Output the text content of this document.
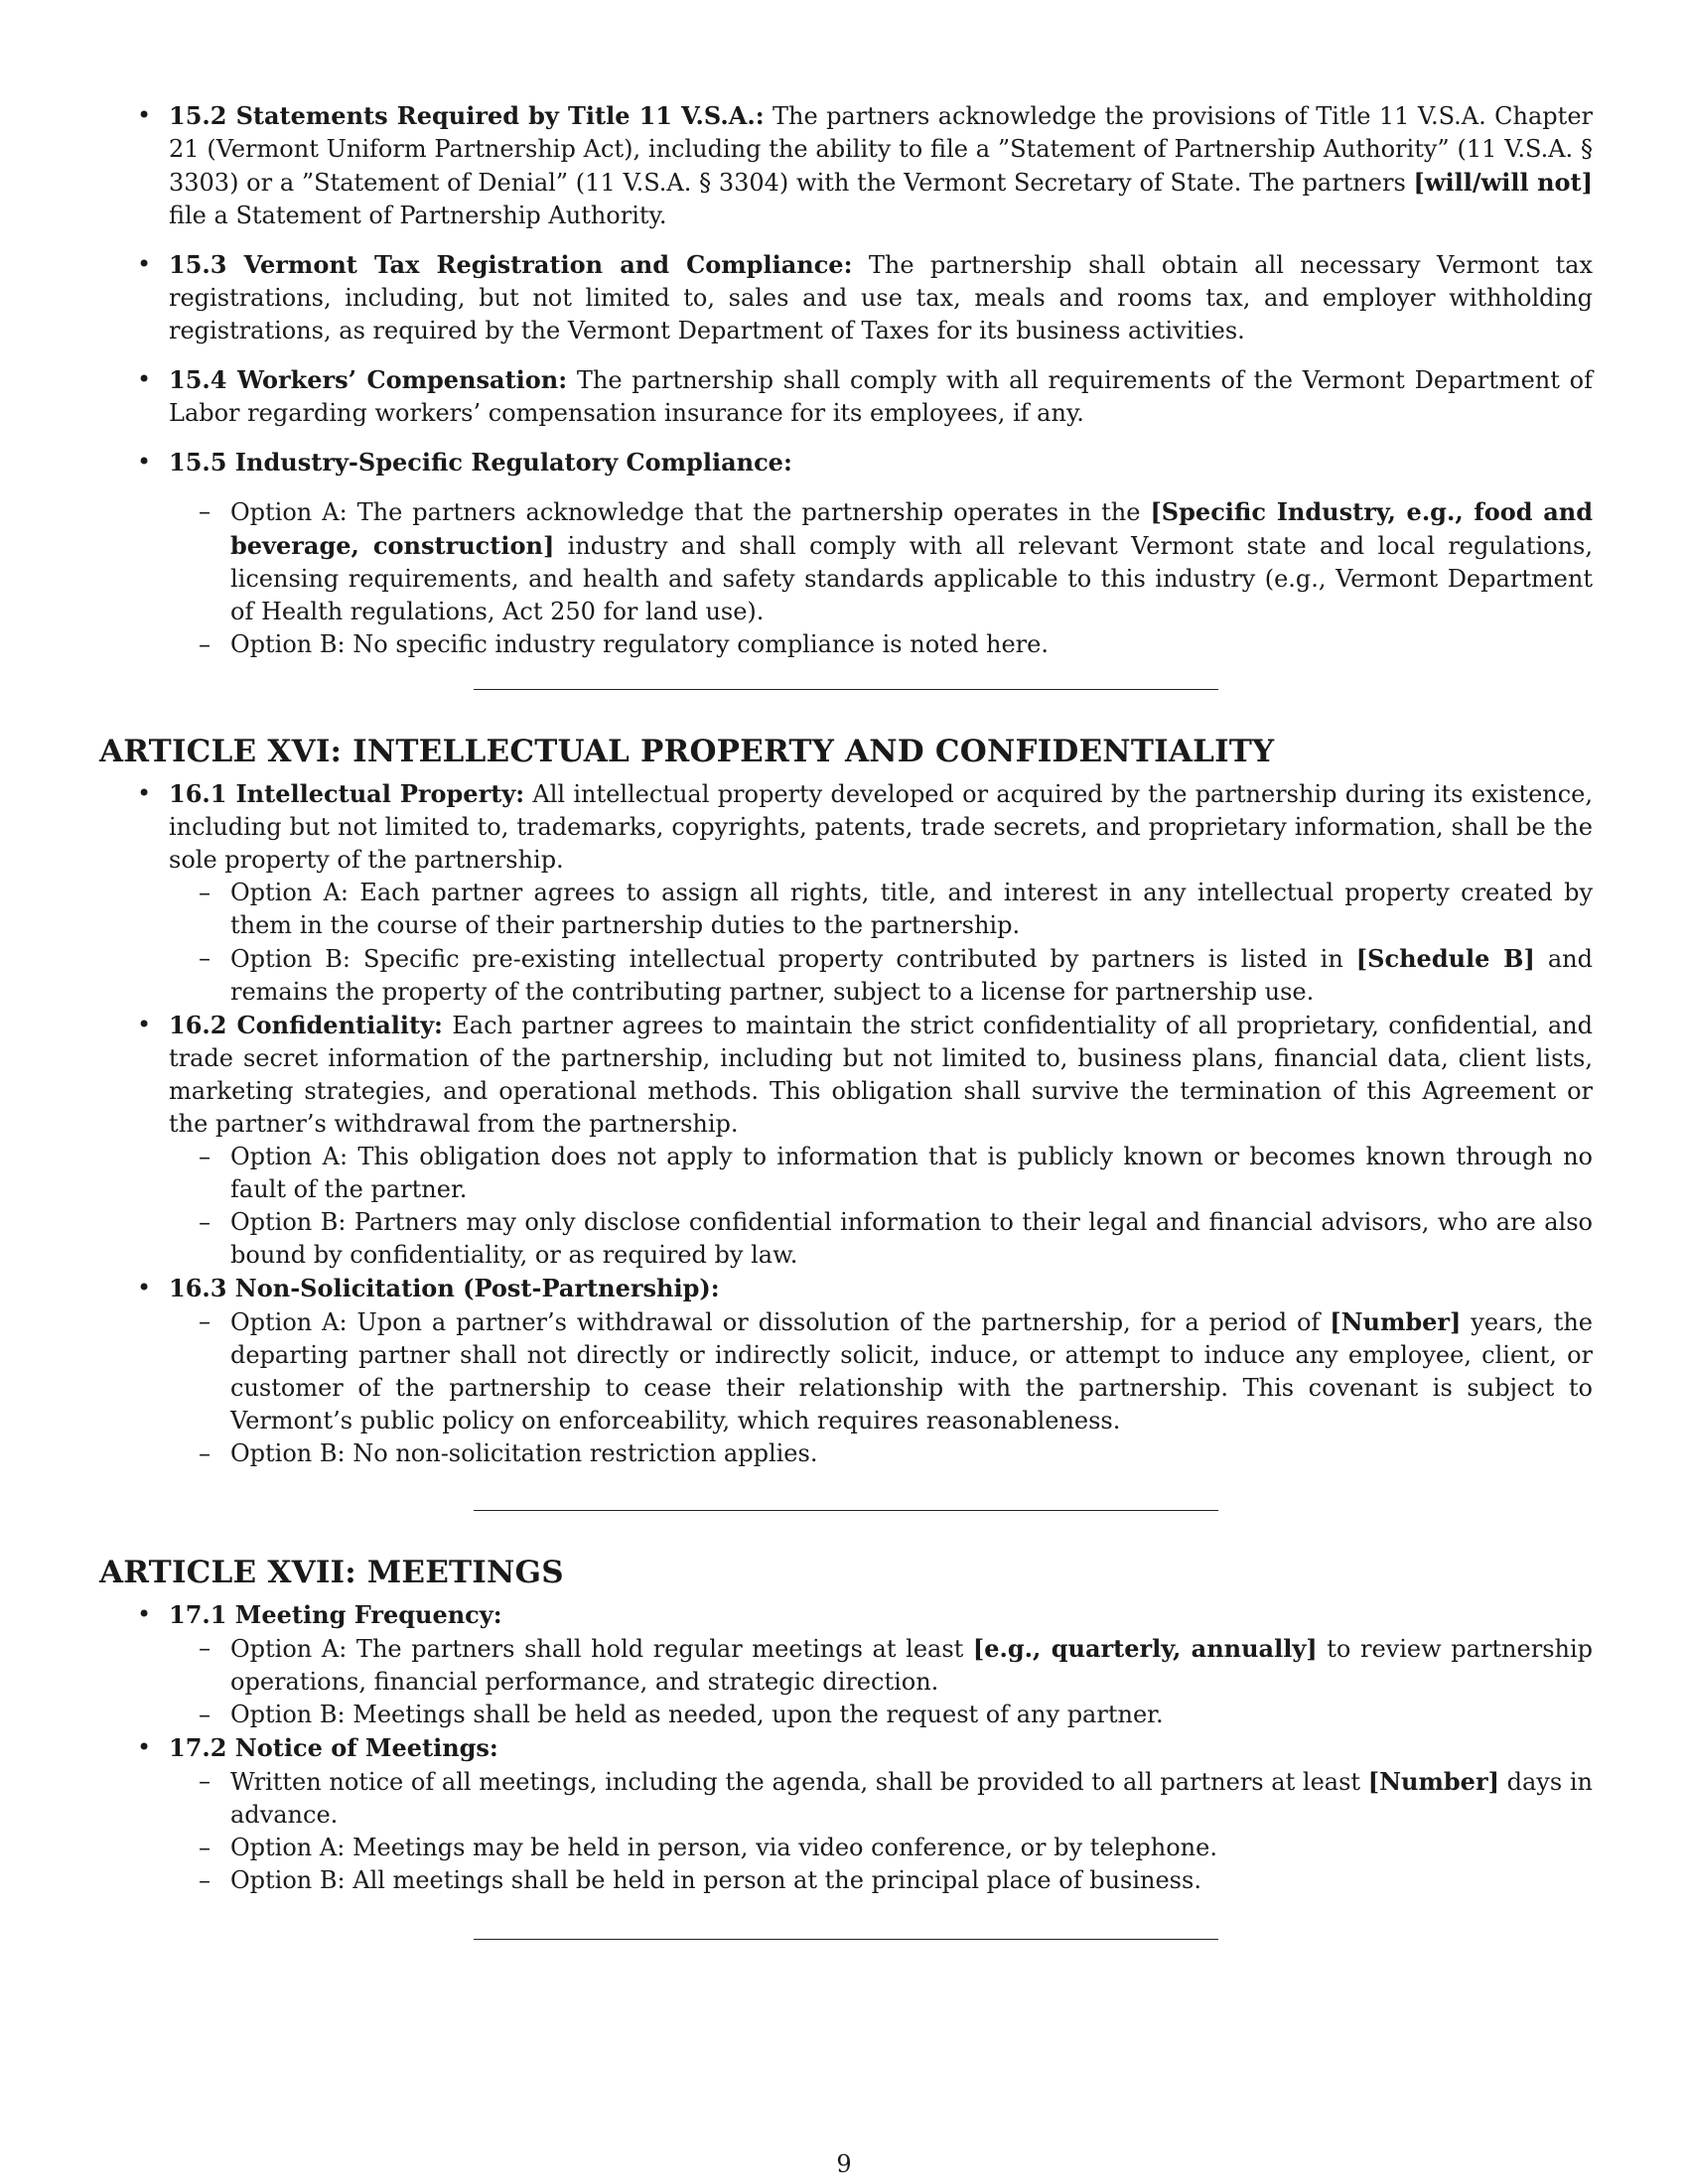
• 15.2 Statements Required by Title 11 V.S.A.: The partners acknowledge the provisions of Title 11 V.S.A. Chapter 21 (Vermont Uniform Partnership Act), including the ability to file a ”Statement of Partnership Authority” (11 V.S.A. § 3303) or a ”Statement of Denial” (11 V.S.A. § 3304) with the Vermont Secretary of State. The partners [will/will not] file a Statement of Partnership Authority.
• 15.3 Vermont Tax Registration and Compliance: The partnership shall obtain all necessary Vermont tax registrations, including, but not limited to, sales and use tax, meals and rooms tax, and employer withholding registrations, as required by the Vermont Department of Taxes for its business activities.
• 15.4 Workers’ Compensation: The partnership shall comply with all requirements of the Vermont Department of Labor regarding workers’ compensation insurance for its employees, if any.
• 15.5 Industry-Specific Regulatory Compliance:
– Option A: The partners acknowledge that the partnership operates in the [Specific Industry, e.g., food and beverage, construction] industry and shall comply with all relevant Vermont state and local regulations, licensing requirements, and health and safety standards applicable to this industry (e.g., Vermont Department of Health regulations, Act 250 for land use).
– Option B: No specific industry regulatory compliance is noted here.
ARTICLE XVI: INTELLECTUAL PROPERTY AND CONFIDENTIALITY
• 16.1 Intellectual Property: All intellectual property developed or acquired by the partnership during its existence, including but not limited to, trademarks, copyrights, patents, trade secrets, and proprietary information, shall be the sole property of the partnership.
– Option A: Each partner agrees to assign all rights, title, and interest in any intellectual property created by them in the course of their partnership duties to the partnership.
– Option B: Specific pre-existing intellectual property contributed by partners is listed in [Schedule B] and remains the property of the contributing partner, subject to a license for partnership use.
• 16.2 Confidentiality: Each partner agrees to maintain the strict confidentiality of all proprietary, confidential, and trade secret information of the partnership, including but not limited to, business plans, financial data, client lists, marketing strategies, and operational methods. This obligation shall survive the termination of this Agreement or the partner’s withdrawal from the partnership.
– Option A: This obligation does not apply to information that is publicly known or becomes known through no fault of the partner.
– Option B: Partners may only disclose confidential information to their legal and financial advisors, who are also bound by confidentiality, or as required by law.
• 16.3 Non-Solicitation (Post-Partnership):
– Option A: Upon a partner’s withdrawal or dissolution of the partnership, for a period of [Number] years, the departing partner shall not directly or indirectly solicit, induce, or attempt to induce any employee, client, or customer of the partnership to cease their relationship with the partnership. This covenant is subject to Vermont’s public policy on enforceability, which requires reasonableness.
– Option B: No non-solicitation restriction applies.
ARTICLE XVII: MEETINGS
• 17.1 Meeting Frequency:
– Option A: The partners shall hold regular meetings at least [e.g., quarterly, annually] to review partnership operations, financial performance, and strategic direction.
– Option B: Meetings shall be held as needed, upon the request of any partner.
• 17.2 Notice of Meetings:
– Written notice of all meetings, including the agenda, shall be provided to all partners at least [Number] days in advance.
– Option A: Meetings may be held in person, via video conference, or by telephone.
– Option B: All meetings shall be held in person at the principal place of business.
9
